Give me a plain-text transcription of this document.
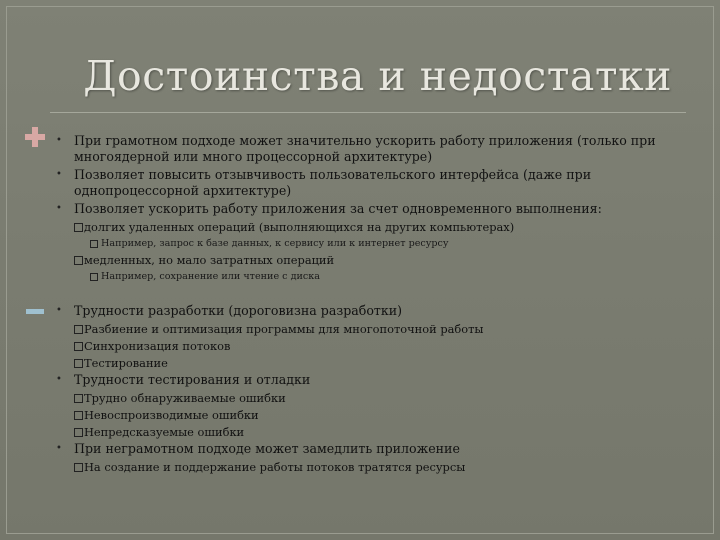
Достоинства и недостатки
• При грамотном подходе может значительно ускорить работу приложения (только при многоядерной или много процессорной архитектуре)
• Позволяет повысить отзывчивость пользовательского интерфейса (даже при однопроцессорной архитектуре)
• Позволяет ускорить работу приложения за счет одновременного выполнения:
долгих удаленных операций (выполняющихся на других компьютерах)
Например, запрос к базе данных, к сервису или к интернет ресурсу
медленных, но мало затратных операций
Например, сохранение или чтение с диска
• Трудности разработки (дороговизна разработки)
Разбиение и оптимизация программы для многопоточной работы
Синхронизация потоков
Тестирование
• Трудности тестирования и отладки
Трудно обнаруживаемые ошибки
Невоспроизводимые ошибки
Непредсказуемые ошибки
• При неграмотном подходе может замедлить приложение
На создание и поддержание работы потоков тратятся ресурсы
